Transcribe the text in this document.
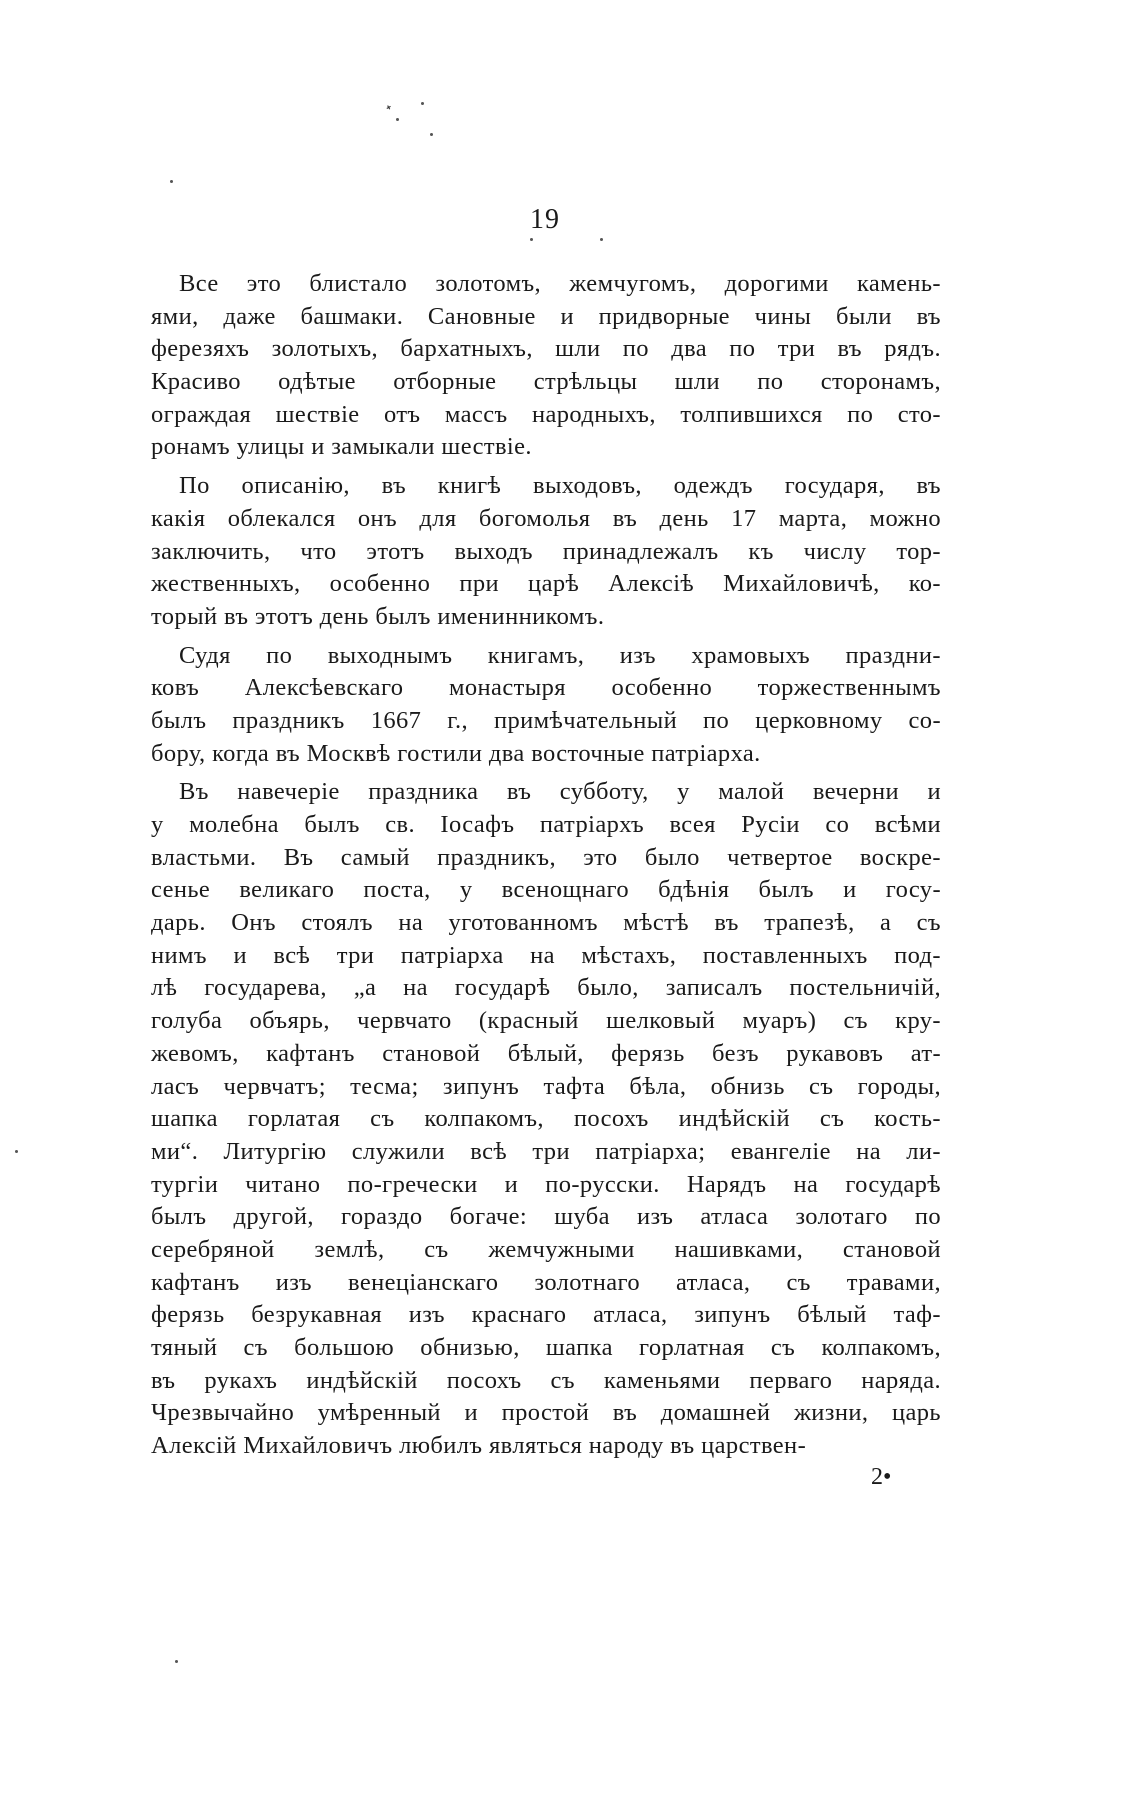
⸼
19
Все это блистало золотомъ, жемчугомъ, дорогими камень-
ями, даже башмаки. Сановные и придворные чины были въ
ферезяхъ золотыхъ, бархатныхъ, шли по два по три въ рядъ.
Красиво одѣтые отборные стрѣльцы шли по сторонамъ,
ограждая шествіе отъ массъ народныхъ, толпившихся по сто-
ронамъ улицы и замыкали шествіе.
По описанію, въ книгѣ выходовъ, одеждъ государя, въ
какія облекался онъ для богомолья въ день 17 марта, можно
заключить, что этотъ выходъ принадлежалъ къ числу тор-
жественныхъ, особенно при царѣ Алексіѣ Михайловичѣ, ко-
торый въ этотъ день былъ именинникомъ.
Судя по выходнымъ книгамъ, изъ храмовыхъ праздни-
ковъ Алексѣевскаго монастыря особенно торжественнымъ
былъ праздникъ 1667 г., примѣчательный по церковному со-
бору, когда въ Москвѣ гостили два восточные патріарха.
Въ навечеріе праздника въ субботу, у малой вечерни и
у молебна былъ св. Іосафъ патріархъ всея Русіи со всѣми
властьми. Въ самый праздникъ, это было четвертое воскре-
сенье великаго поста, у всенощнаго бдѣнія былъ и госу-
дарь. Онъ стоялъ на уготованномъ мѣстѣ въ трапезѣ, а съ
нимъ и всѣ три патріарха на мѣстахъ, поставленныхъ под-
лѣ государева, „а на государѣ было, записалъ постельничій,
голуба объярь, червчато (красный шелковый муаръ) съ кру-
жевомъ, кафтанъ становой бѣлый, ферязь безъ рукавовъ ат-
ласъ червчатъ; тесма; зипунъ тафта бѣла, обнизь съ городы,
шапка горлатая съ колпакомъ, посохъ индѣйскій съ кость-
ми“. Литургію служили всѣ три патріарха; евангеліе на ли-
тургіи читано по-гречески и по-русски. Нарядъ на государѣ
былъ другой, гораздо богаче: шуба изъ атласа золотаго по
серебряной землѣ, съ жемчужными нашивками, становой
кафтанъ изъ венеціанскаго золотнаго атласа, съ травами,
ферязь безрукавная изъ краснаго атласа, зипунъ бѣлый таф-
тяный съ большою обнизью, шапка горлатная съ колпакомъ,
въ рукахъ индѣйскій посохъ съ каменьями перваго наряда.
Чрезвычайно умѣренный и простой въ домашней жизни, царь
Алексій Михайловичъ любилъ являться народу въ царствен-
2•
